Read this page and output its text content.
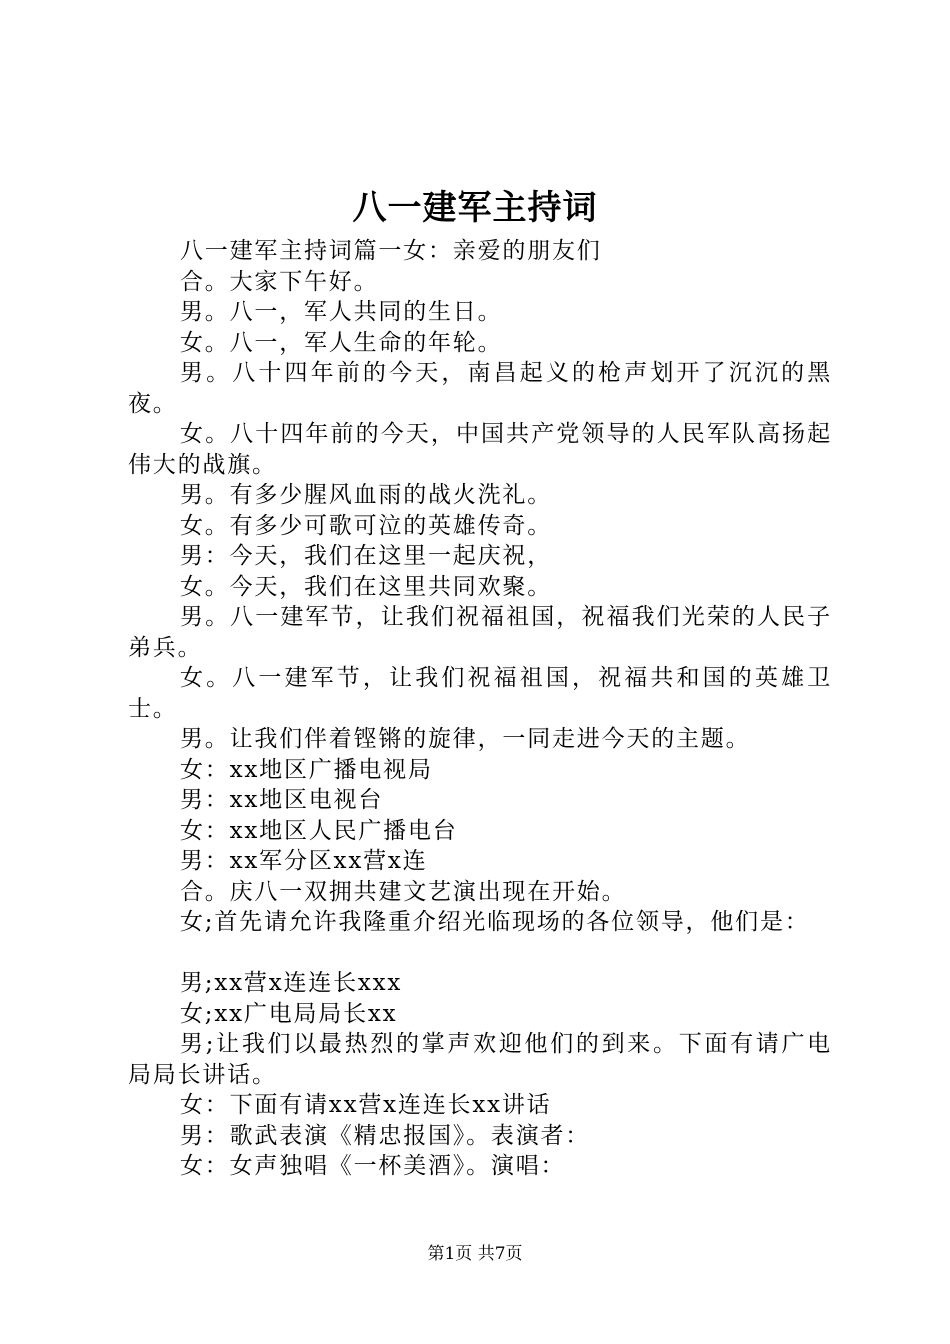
八一建军主持词

八一建军主持词篇一女：亲爱的朋友们

合。大家下午好。

男。八一，军人共同的生日。

女。八一，军人生命的年轮。

男。八十四年前的今天，南昌起义的枪声划开了沉沉的黑夜。

女。八十四年前的今天，中国共产党领导的人民军队高扬起伟大的战旗。

男。有多少腥风血雨的战火洗礼。

女。有多少可歌可泣的英雄传奇。

男：今天，我们在这里一起庆祝，

女。今天，我们在这里共同欢聚。

男。八一建军节，让我们祝福祖国，祝福我们光荣的人民子弟兵。

女。八一建军节，让我们祝福祖国，祝福共和国的英雄卫士。

男。让我们伴着铿锵的旋律，一同走进今天的主题。

女：xx地区广播电视局

男：xx地区电视台

女：xx地区人民广播电台

男：xx军分区xx营x连

合。庆八一双拥共建文艺演出现在开始。

女;首先请允许我隆重介绍光临现场的各位领导，他们是：

男;xx营x连连长xxx

女;xx广电局局长xx

男;让我们以最热烈的掌声欢迎他们的到来。下面有请广电局局长讲话。

女：下面有请xx营x连连长xx讲话

男：歌武表演《精忠报国》。表演者：

女：女声独唱《一杯美酒》。演唱：

第1页 共7页
